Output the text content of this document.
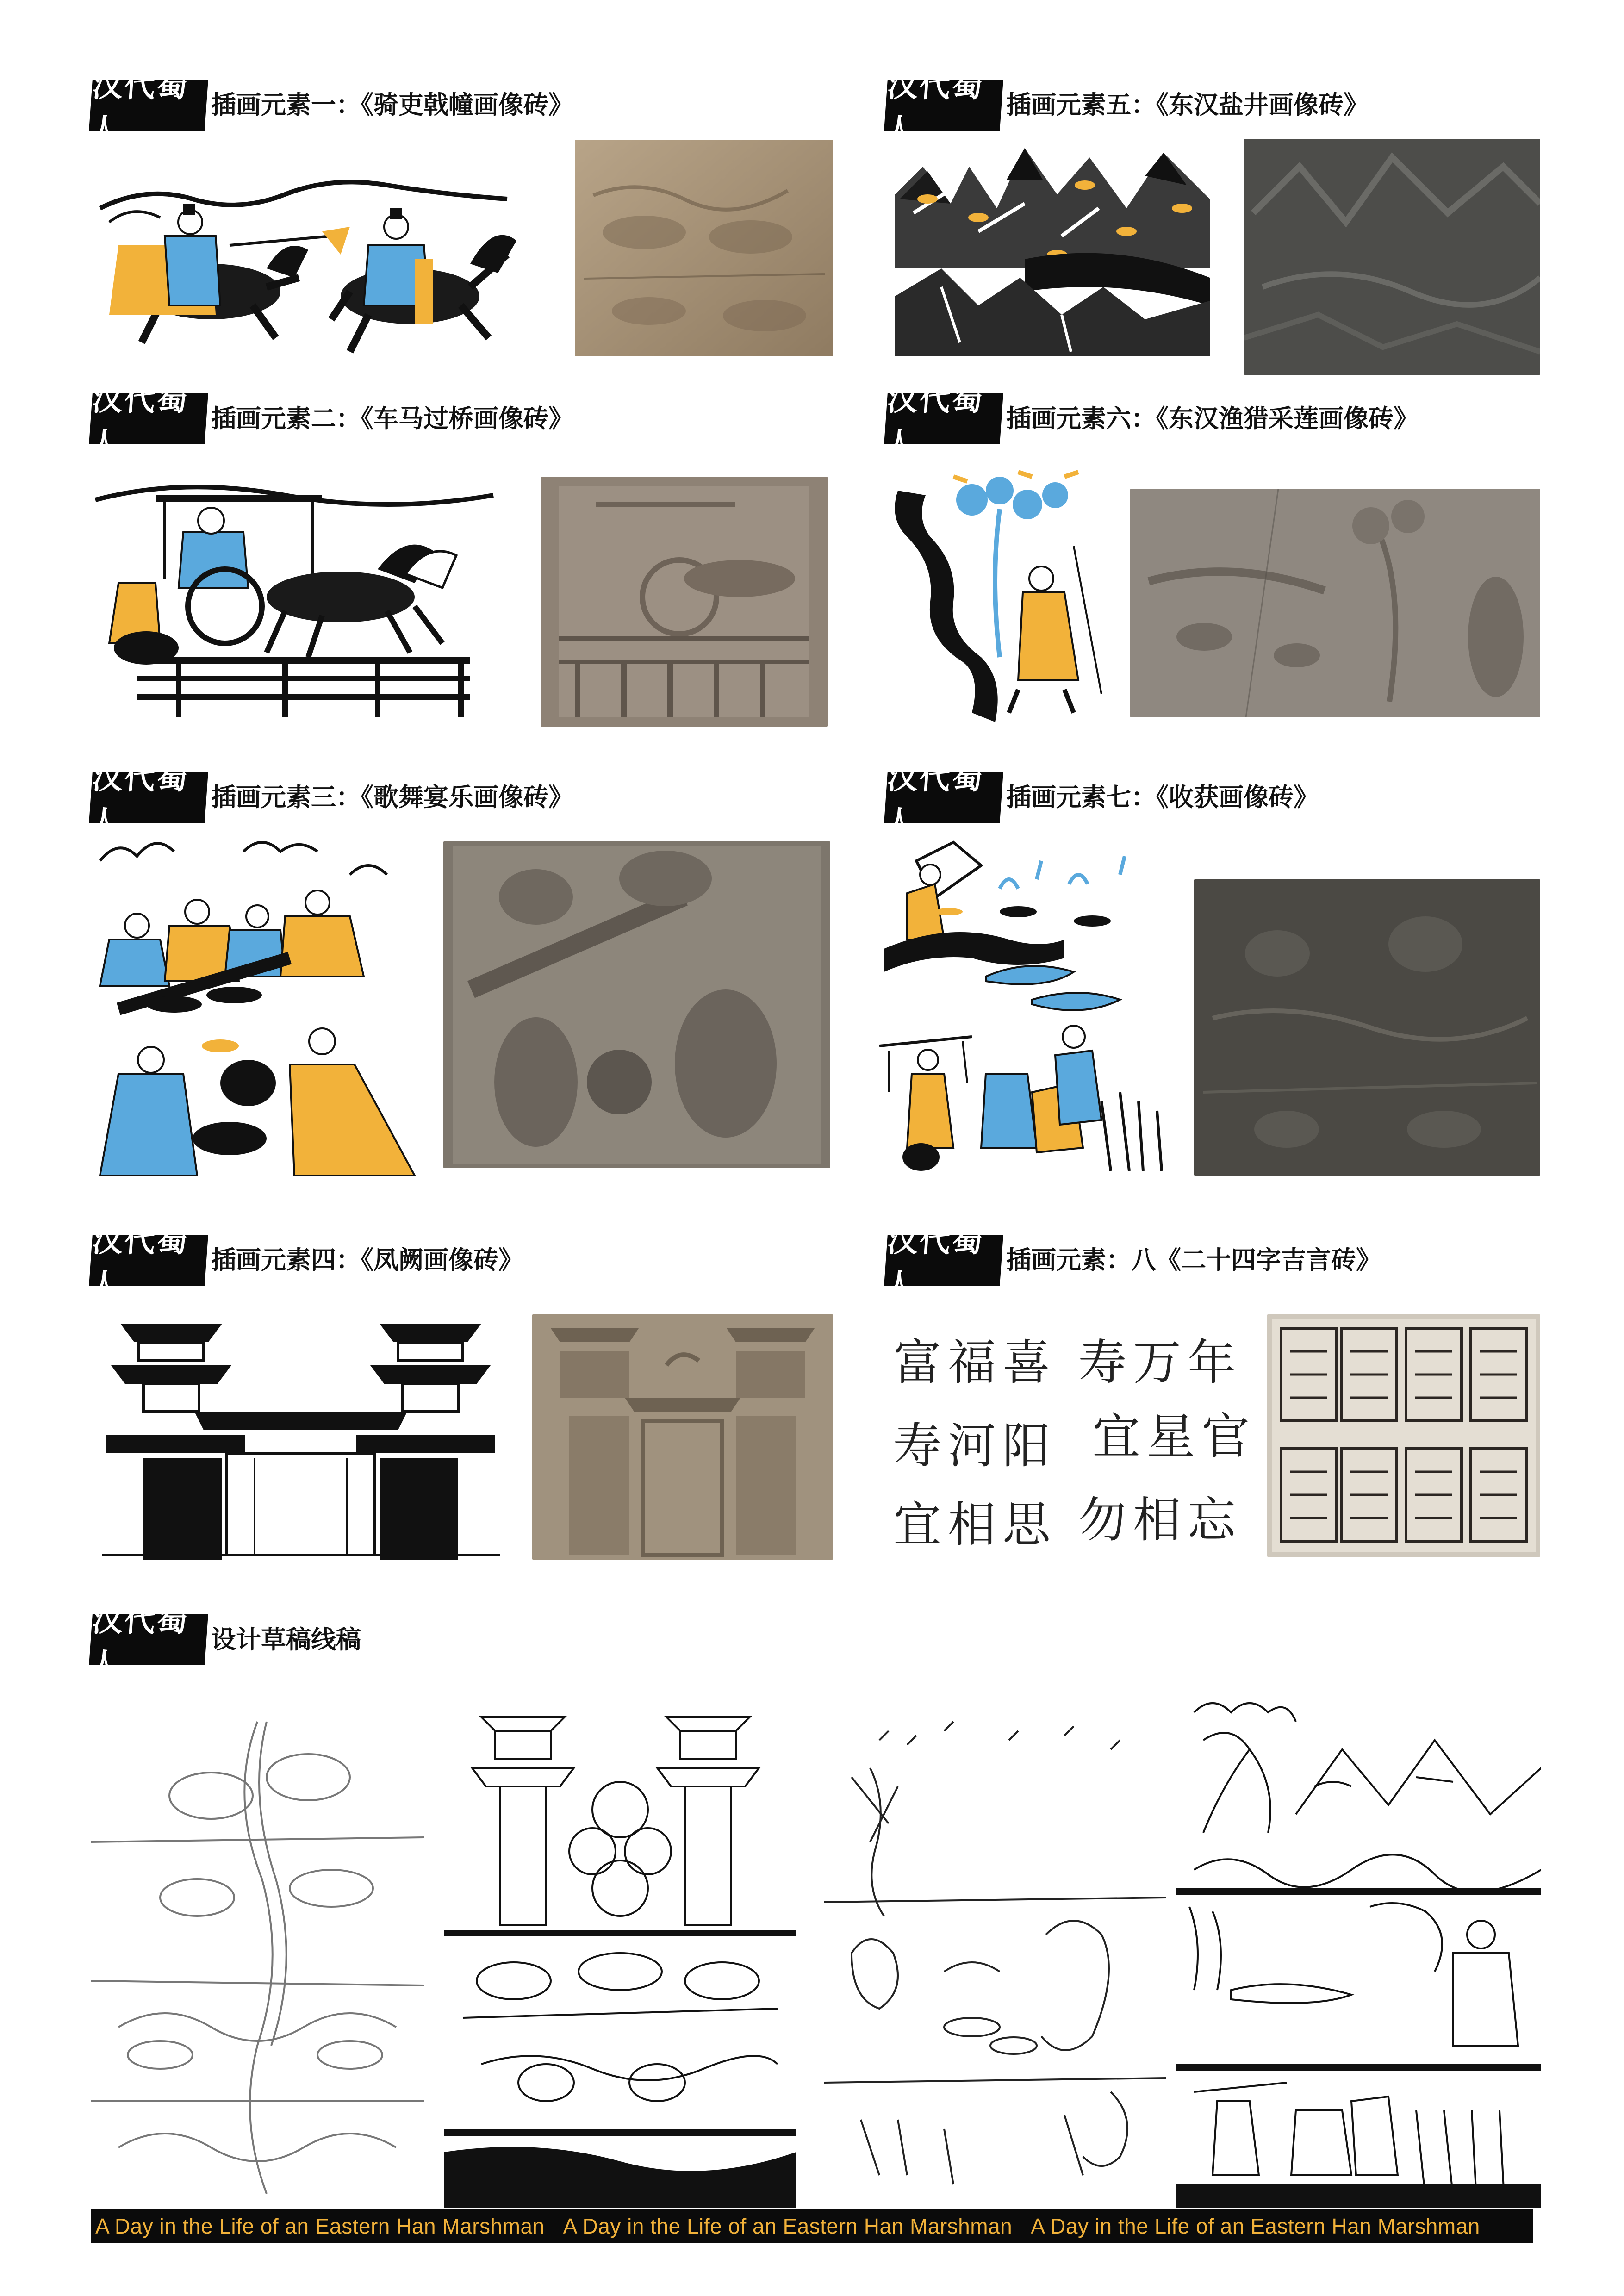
汉代蜀人
插画元素一：《骑吏戟幢画像砖》
汉代蜀人
插画元素二：《车马过桥画像砖》
汉代蜀人
插画元素三：《歌舞宴乐画像砖》
汉代蜀人
插画元素四：《凤阙画像砖》
汉代蜀人
插画元素五：《东汉盐井画像砖》
汉代蜀人
插画元素六：《东汉渔猎采莲画像砖》
汉代蜀人
插画元素七：《收获画像砖》
汉代蜀人
插画元素：八《二十四字吉言砖》
富福喜 寿万年
寿河阳 宜星官
宜相思 勿相忘
汉代蜀人
设计草稿线稿
A Day in the Life of an Eastern Han Marshman A Day in the Life of an Eastern Han Marshman A Day in the Life of an Eastern Han Marshman
